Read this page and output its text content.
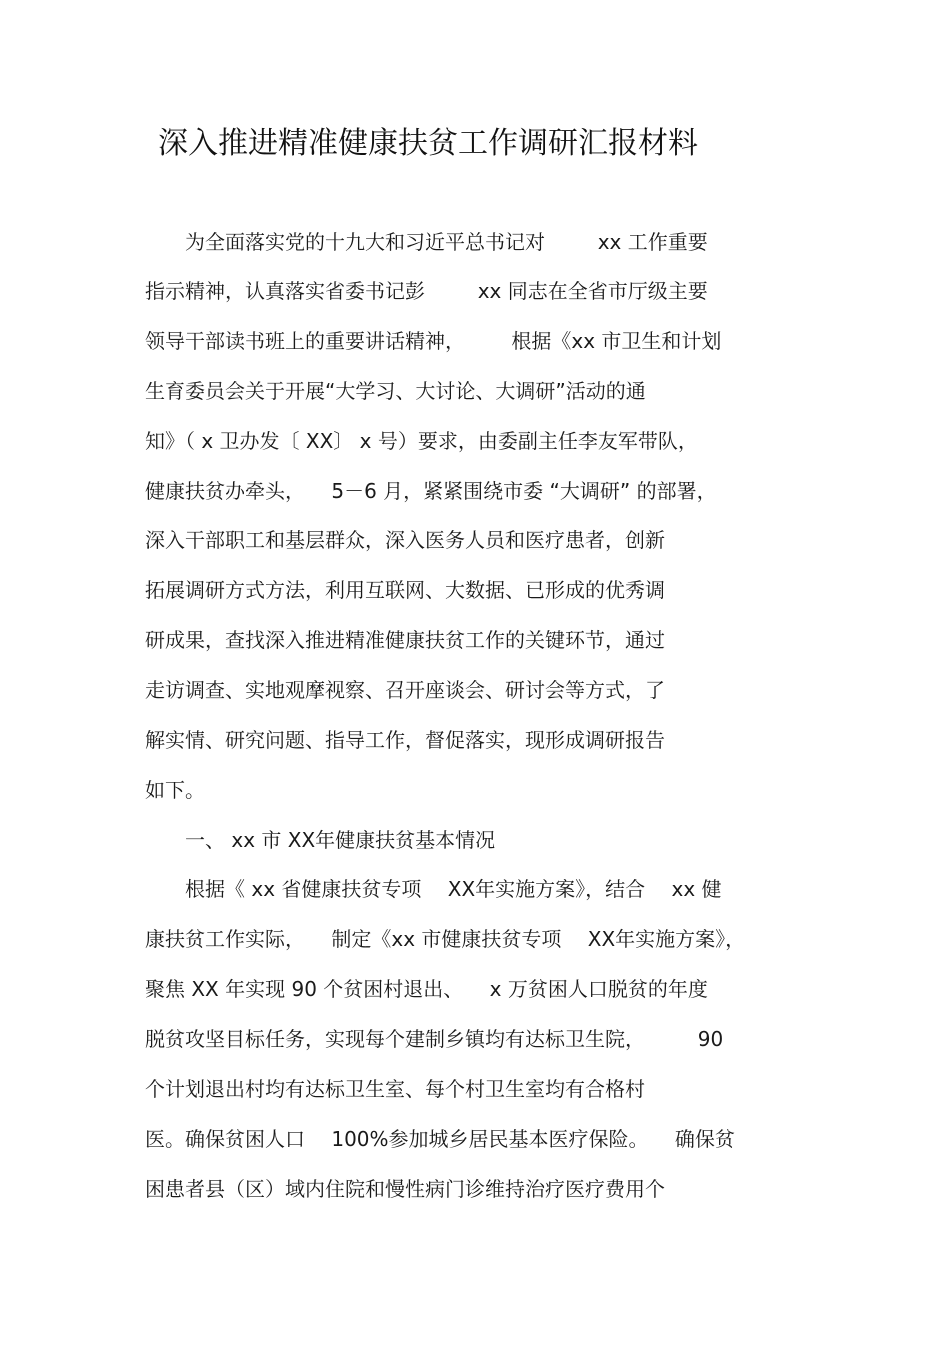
深入推进精准健康扶贫工作调研汇报材料
　　为全面落实党的十九大和习近平总书记对 　　 xx 工作重要
指示精神，认真落实省委书记彭 　　 xx 同志在全省市厅级主要
领导干部读书班上的重要讲话精神， 　　根据《xx 市卫生和计划
生育委员会关于开展“大学习、大讨论、大调研”活动的通
知》（ x 卫办发〔 XX〕 x 号）要求，由委副主任李友军带队，
健康扶贫办牵头， 　5－6 月，紧紧围绕市委 “大调研” 的部署，
深入干部职工和基层群众，深入医务人员和医疗患者，创新
拓展调研方式方法，利用互联网、大数据、已形成的优秀调
研成果，查找深入推进精准健康扶贫工作的关键环节，通过
走访调查、实地观摩视察、召开座谈会、研讨会等方式，了
解实情、研究问题、指导工作，督促落实，现形成调研报告
如下。
　　一、 xx 市 XX年健康扶贫基本情况
　　根据《 xx 省健康扶贫专项 　XX年实施方案》，结合 　xx 健
康扶贫工作实际， 　制定《xx 市健康扶贫专项 　XX年实施方案》，
聚焦 XX 年实现 90 个贫困村退出、 　x 万贫困人口脱贫的年度
脱贫攻坚目标任务，实现每个建制乡镇均有达标卫生院， 　　 90
个计划退出村均有达标卫生室、每个村卫生室均有合格村
医。确保贫困人口 　100%参加城乡居民基本医疗保险。 　确保贫
困患者县（区）域内住院和慢性病门诊维持治疗医疗费用个
